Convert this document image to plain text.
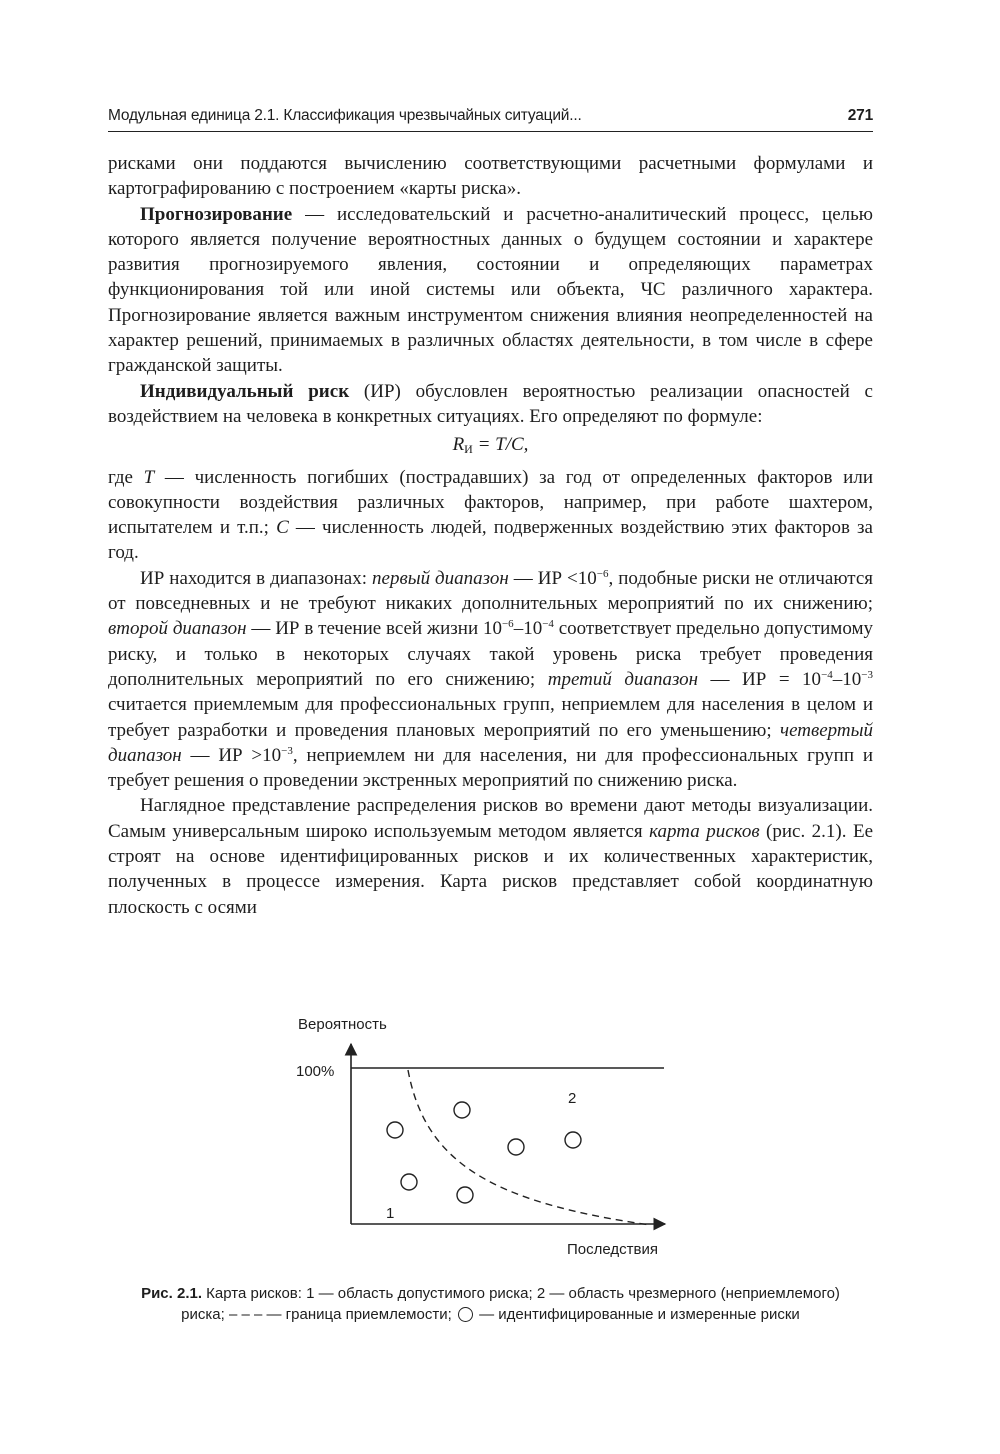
Модульная единица 2.1. Классификация чрезвычайных ситуаций...	271

рисками они поддаются вычислению соответствующими расчетными формулами и картографированию с построением «карты риска».

Прогнозирование — исследовательский и расчетно-аналитический процесс, целью которого является получение вероятностных данных о будущем состоянии и характере развития прогнозируемого явления, состоянии и определяющих параметрах функционирования той или иной системы или объекта, ЧС различного характера. Прогнозирование является важным инструментом снижения влияния неопределенностей на характер решений, принимаемых в различных областях деятельности, в том числе в сфере гражданской защиты.

Индивидуальный риск (ИР) обусловлен вероятностью реализации опасностей с воздействием на человека в конкретных ситуациях. Его определяют по формуле:

$R_И = T/C$,

где T — численность погибших (пострадавших) за год от определенных факторов или совокупности воздействия различных факторов, например, при работе шахтером, испытателем и т.п.; C — численность людей, подверженных воздействию этих факторов за год.

ИР находится в диапазонах: первый диапазон — ИР $<10^{-6}$, подобные риски не отличаются от повседневных и не требуют никаких дополнительных мероприятий по их снижению; второй диапазон — ИР в течение всей жизни $10^{-6}-10^{-4}$ соответствует предельно допустимому риску, и только в некоторых случаях такой уровень риска требует проведения дополнительных мероприятий по его снижению; третий диапазон — ИР = $10^{-4}-10^{-3}$ считается приемлемым для профессиональных групп, неприемлем для населения в целом и требует разработки и проведения плановых мероприятий по его уменьшению; четвертый диапазон — ИР $>10^{-3}$, неприемлем ни для населения, ни для профессиональных групп и требует решения о проведении экстренных мероприятий по снижению риска.

Наглядное представление распределения рисков во времени дают методы визуализации. Самым универсальным широко используемым методом является карта рисков (рис. 2.1). Ее строят на основе идентифицированных рисков и их количественных характеристик, полученных в процессе измерения. Карта рисков представляет собой координатную плоскость с осями

Вероятность
100%
Последствия
1
2
Рис. 2.1. Карта рисков: 1 — область допустимого риска; 2 — область чрезмерного (неприемлемого)
риска; – – – — граница приемлемости;  — идентифицированные и измеренные риски
